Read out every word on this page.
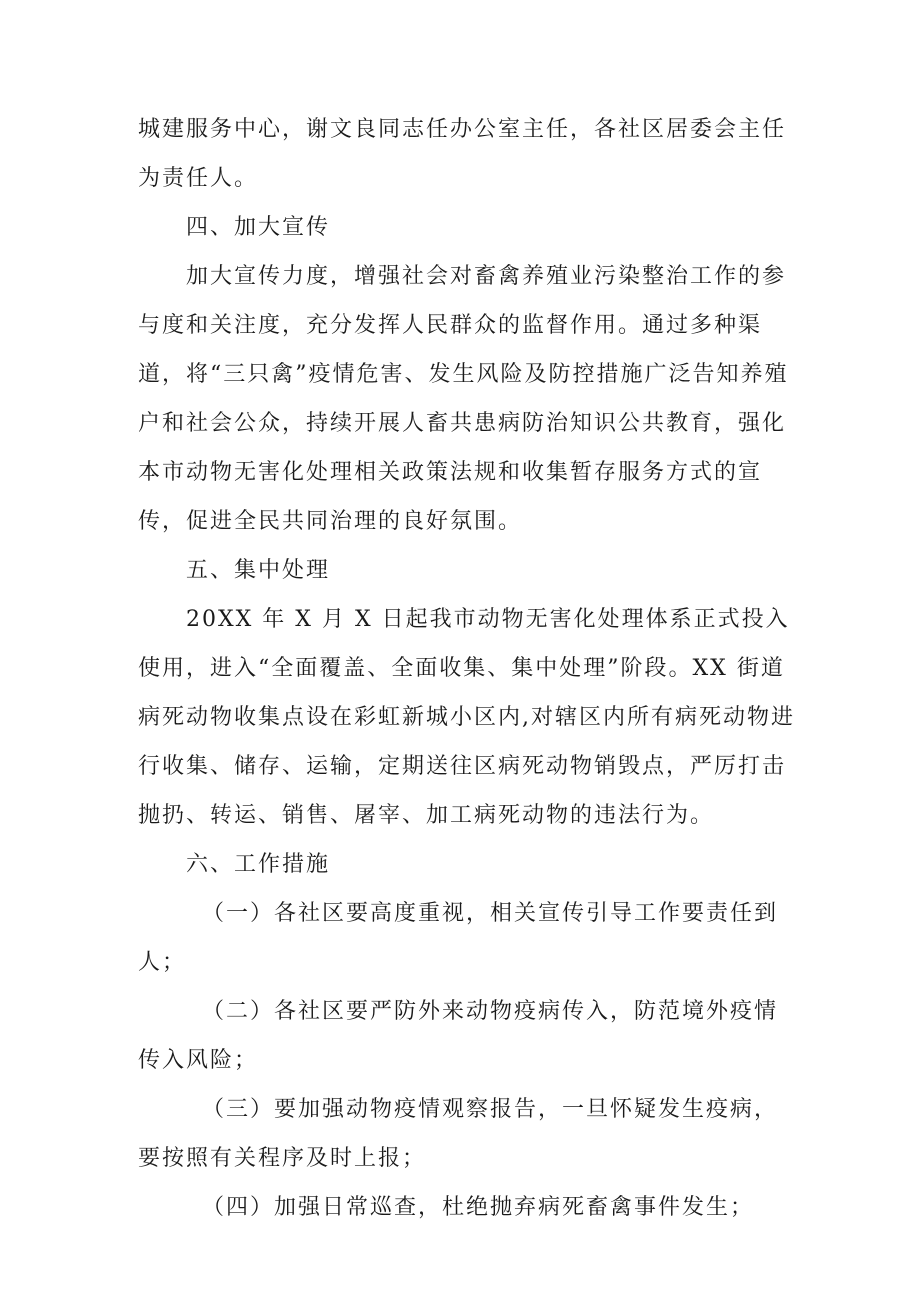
城建服务中心，谢文良同志任办公室主任，各社区居委会主任为责任人。

四、加大宣传

加大宣传力度，增强社会对畜禽养殖业污染整治工作的参与度和关注度，充分发挥人民群众的监督作用。通过多种渠道，将“三只禽”疫情危害、发生风险及防控措施广泛告知养殖户和社会公众，持续开展人畜共患病防治知识公共教育，强化本市动物无害化处理相关政策法规和收集暂存服务方式的宣传，促进全民共同治理的良好氛围。

五、集中处理

20XX 年 X 月 X 日起我市动物无害化处理体系正式投入使用，进入“全面覆盖、全面收集、集中处理”阶段。XX 街道病死动物收集点设在彩虹新城小区内,对辖区内所有病死动物进行收集、储存、运输，定期送往区病死动物销毁点，严厉打击抛扔、转运、销售、屠宰、加工病死动物的违法行为。

六、工作措施

（一）各社区要高度重视，相关宣传引导工作要责任到人；

（二）各社区要严防外来动物疫病传入，防范境外疫情传入风险；

（三）要加强动物疫情观察报告，一旦怀疑发生疫病，要按照有关程序及时上报；

（四）加强日常巡查，杜绝抛弃病死畜禽事件发生；
